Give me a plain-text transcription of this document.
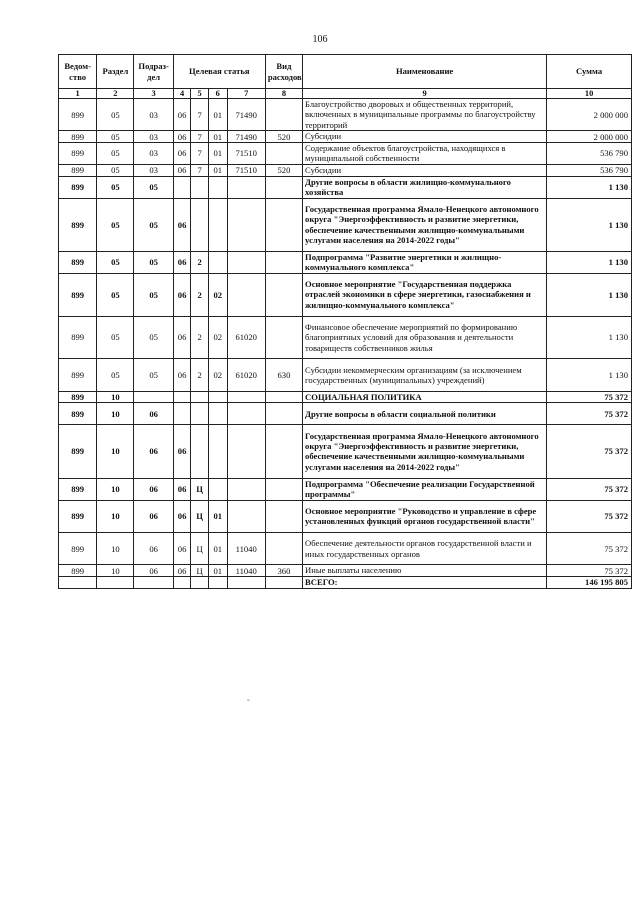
106
Ведом-ство	Раздел	Подраз-дел	Целевая статья				Вид расходов	Наименование	Сумма
1	2	3	4	5	6	7	8	9	10
899	05	03	06	7	01	71490		Благоустройство дворовых и общественных территорий, включенных в муниципальные программы по благоустройству территорий	2 000 000
899	05	03	06	7	01	71490	520	Субсидии	2 000 000
899	05	03	06	7	01	71510		Содержание объектов благоустройства, находящихся в муниципальной собственности	536 790
899	05	03	06	7	01	71510	520	Субсидии	536 790
899	05	05						Другие вопросы в области жилищно-коммунального хозяйства	1 130
899	05	05	06					Государственная программа Ямало-Ненецкого автономного округа "Энергоэффективность и развитие энергетики, обеспечение качественными жилищно-коммунальными услугами населения на 2014-2022 годы"	1 130
899	05	05	06	2				Подпрограмма "Развитие энергетики и жилищно-коммунального комплекса"	1 130
899	05	05	06	2	02			Основное мероприятие "Государственная поддержка отраслей экономики в сфере энергетики, газоснабжения и жилищно-коммунального комплекса"	1 130
899	05	05	06	2	02	61020		Финансовое обеспечение мероприятий по формированию благоприятных условий для образования и деятельности товариществ собственников жилья	1 130
899	05	05	06	2	02	61020	630	Субсидии некоммерческим организациям (за исключением государственных (муниципальных) учреждений)	1 130
899	10							СОЦИАЛЬНАЯ ПОЛИТИКА	75 372
899	10	06						Другие вопросы в области социальной политики	75 372
899	10	06	06					Государственная программа Ямало-Ненецкого автономного округа "Энергоэффективность и развитие энергетики, обеспечение качественными жилищно-коммунальными услугами населения на 2014-2022 годы"	75 372
899	10	06	06	Ц				Подпрограмма "Обеспечение реализации Государственной программы"	75 372
899	10	06	06	Ц	01			Основное мероприятие "Руководство и управление в сфере установленных функций органов государственной власти"	75 372
899	10	06	06	Ц	01	11040		Обеспечение деятельности органов государственной власти и иных государственных органов	75 372
899	10	06	06	Ц	01	11040	360	Иные выплаты населению	75 372
								ВСЕГО:	146 195 805
˜
